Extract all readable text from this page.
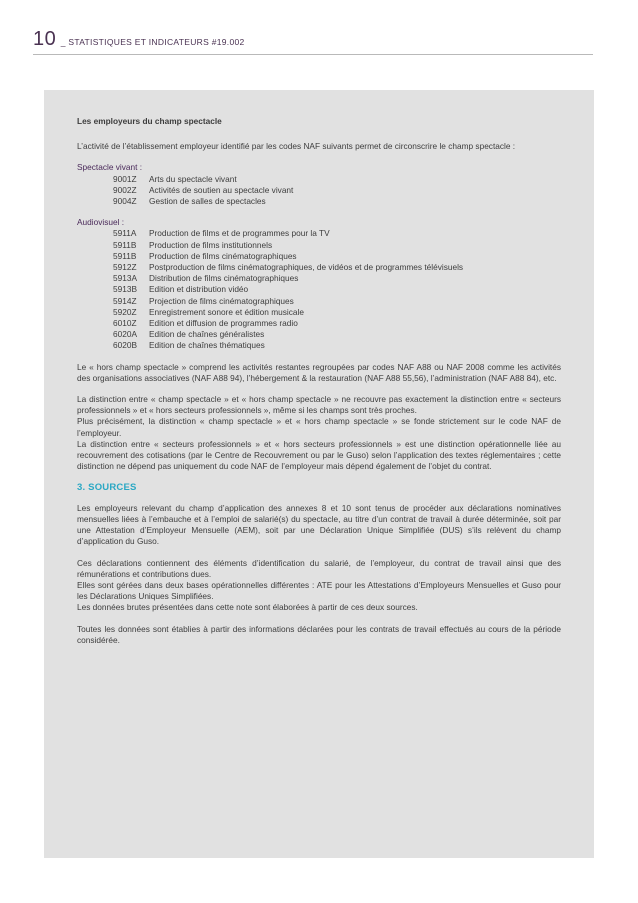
10 _ STATISTIQUES ET INDICATEURS #19.002

Les employeurs du champ spectacle

L’activité de l’établissement employeur identifié par les codes NAF suivants permet de circonscrire le champ spectacle :

Spectacle vivant :

9001Z	Arts du spectacle vivant
9002Z	Activités de soutien au spectacle vivant
9004Z	Gestion de salles de spectacles

Audiovisuel :

5911A	Production de films et de programmes pour la TV
5911B	Production de films institutionnels
5911B	Production de films cinématographiques
5912Z	Postproduction de films cinématographiques, de vidéos et de programmes télévisuels
5913A	Distribution de films cinématographiques
5913B	Edition et distribution vidéo
5914Z	Projection de films cinématographiques
5920Z	Enregistrement sonore et édition musicale
6010Z	Edition et diffusion de programmes radio
6020A	Edition de chaînes généralistes
6020B	Edition de chaînes thématiques

Le « hors champ spectacle » comprend les activités restantes regroupées par codes NAF A88 ou NAF 2008 comme les activités des organisations associatives (NAF A88 94), l’hébergement & la restauration (NAF A88 55,56), l’administration (NAF A88 84), etc.

La distinction entre « champ spectacle » et « hors champ spectacle » ne recouvre pas exactement la distinction entre « secteurs professionnels » et « hors secteurs professionnels », même si les champs sont très proches.

Plus précisément, la distinction « champ spectacle » et « hors champ spectacle » se fonde strictement sur le code NAF de l’employeur.

La distinction entre « secteurs professionnels » et « hors secteurs professionnels » est une distinction opérationnelle liée au recouvrement des cotisations (par le Centre de Recouvrement ou par le Guso) selon l’application des textes réglementaires ; cette distinction ne dépend pas uniquement du code NAF de l’employeur mais dépend également de l’objet du contrat.

3. SOURCES

Les employeurs relevant du champ d’application des annexes 8 et 10 sont tenus de procéder aux déclarations nominatives mensuelles liées à l’embauche et à l’emploi de salarié(s) du spectacle, au titre d’un contrat de travail à durée déterminée, soit par une Attestation d’Employeur Mensuelle (AEM), soit par une Déclaration Unique Simplifiée (DUS) s’ils relèvent du champ d’application du Guso.

Ces déclarations contiennent des éléments d’identification du salarié, de l’employeur, du contrat de travail ainsi que des rémunérations et contributions dues.

Elles sont gérées dans deux bases opérationnelles différentes : ATE pour les Attestations d’Employeurs Mensuelles et Guso pour les Déclarations Uniques Simplifiées.

Les données brutes présentées dans cette note sont élaborées à partir de ces deux sources.

Toutes les données sont établies à partir des informations déclarées pour les contrats de travail effectués au cours de la période considérée.
